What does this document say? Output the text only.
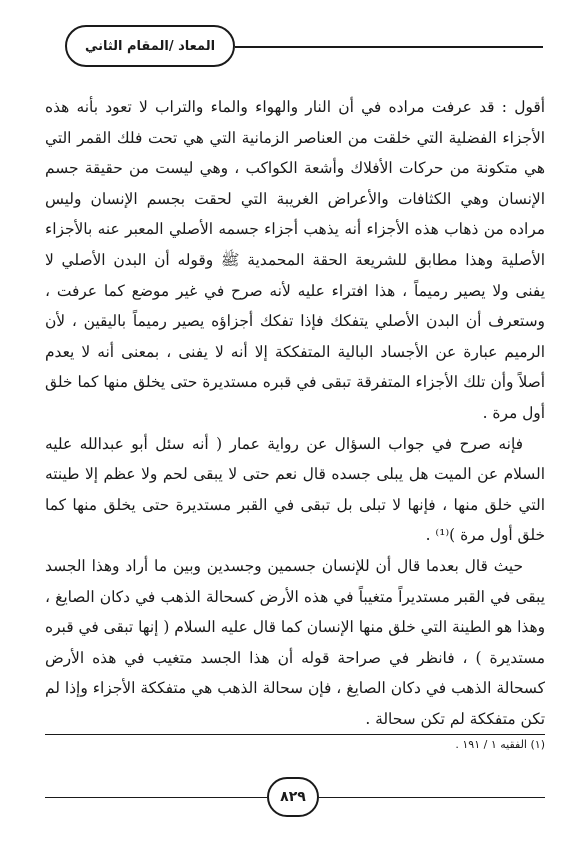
المعاد /المقام الثاني

أقول : قد عرفت مراده في أن النار والهواء والماء والتراب لا تعود بأنه هذه الأجزاء الفضلية التي خلقت من العناصر الزمانية التي هي تحت فلك القمر التي هي متكونة من حركات الأفلاك وأشعة الكواكب ، وهي ليست من حقيقة جسم الإنسان وهي الكثافات والأعراض الغريبة التي لحقت بجسم الإنسان وليس مراده من ذهاب هذه الأجزاء أنه يذهب أجزاء جسمه الأصلي المعبر عنه بالأجزاء الأصلية وهذا مطابق للشريعة الحقة المحمدية ﷺ وقوله أن البدن الأصلي لا يفنى ولا يصير رميماً ، هذا افتراء عليه لأنه صرح في غير موضع كما عرفت ، وستعرف أن البدن الأصلي يتفكك فإذا تفكك أجزاؤه يصير رميماً باليقين ، لأن الرميم عبارة عن الأجساد البالية المتفككة إلا أنه لا يفنى ، بمعنى أنه لا يعدم أصلاً وأن تلك الأجزاء المتفرقة تبقى في قبره مستديرة حتى يخلق منها كما خلق أول مرة .

فإنه صرح في جواب السؤال عن رواية عمار ( أنه سئل أبو عبدالله عليه السلام عن الميت هل يبلى جسده قال نعم حتى لا يبقى لحم ولا عظم إلا طينته التي خلق منها ، فإنها لا تبلى بل تبقى في القبر مستديرة حتى يخلق منها كما خلق أول مرة )⁽¹⁾ .

حيث قال بعدما قال أن للإنسان جسمين وجسدين وبين ما أراد وهذا الجسد يبقى في القبر مستديراً متغيباً في هذه الأرض كسحالة الذهب في دكان الصايغ ، وهذا هو الطينة التي خلق منها الإنسان كما قال عليه السلام ( إنها تبقى في قبره مستديرة ) ، فانظر في صراحة قوله أن هذا الجسد متغيب في هذه الأرض كسحالة الذهب في دكان الصايغ ، فإن سحالة الذهب هي متفككة الأجزاء وإذا لم تكن متفككة لم تكن سحالة .

(١) الفقيه ١ / ١٩١ .
٨٢٩
